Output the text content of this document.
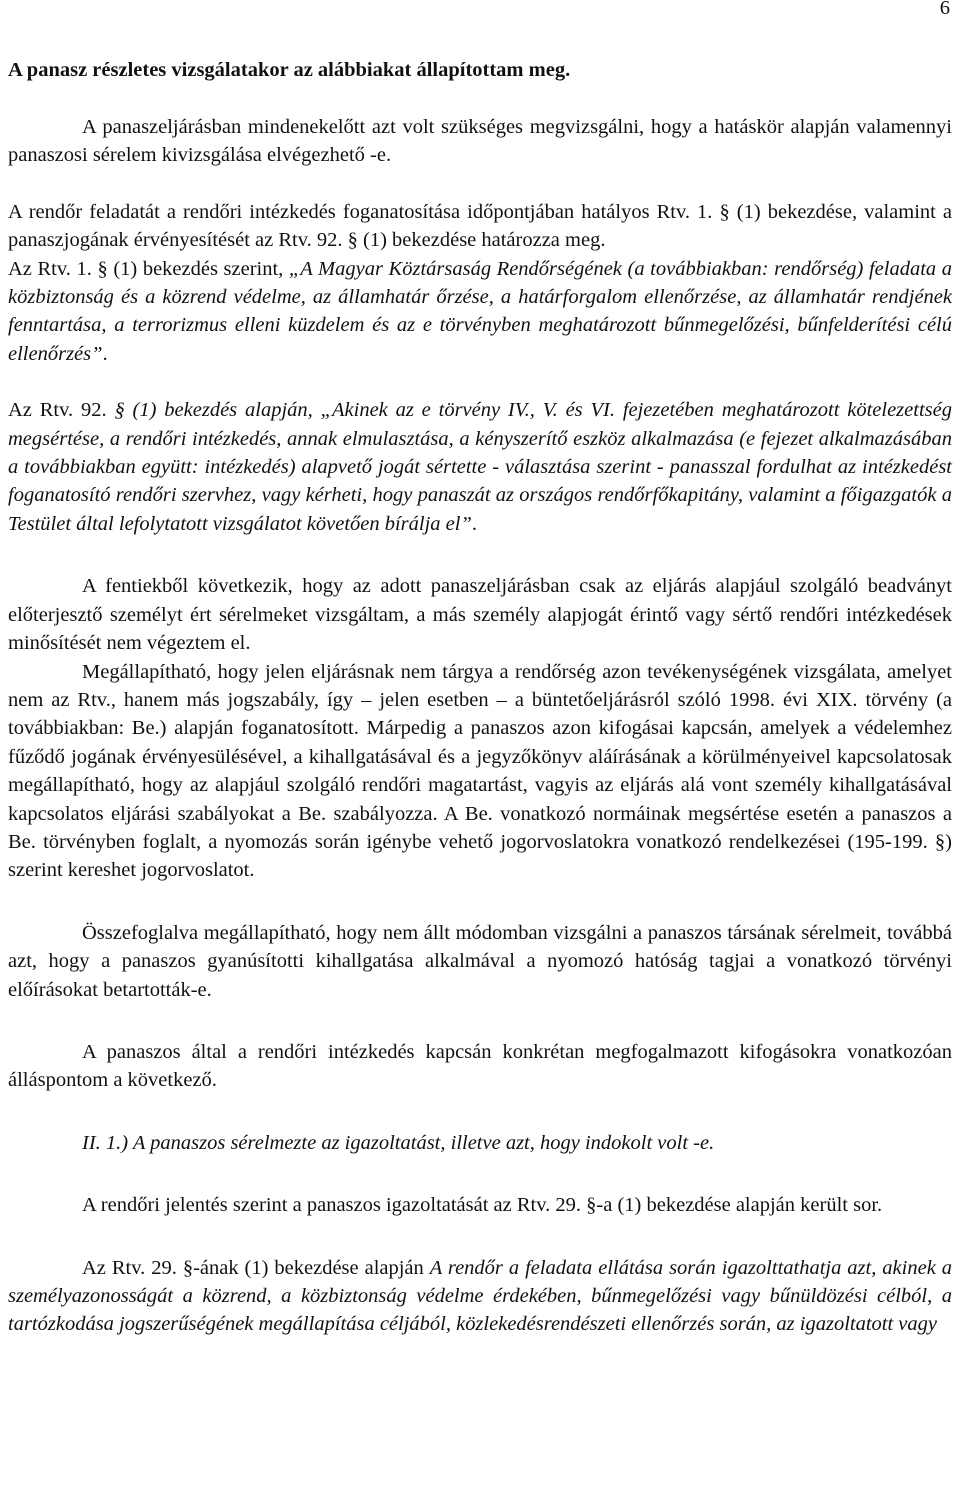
6
A panasz részletes vizsgálatakor az alábbiakat állapítottam meg.

A panaszeljárásban mindenekelőtt azt volt szükséges megvizsgálni, hogy a hatáskör alapján valamennyi panaszosi sérelem kivizsgálása elvégezhető -e.

A rendőr feladatát a rendőri intézkedés foganatosítása időpontjában hatályos Rtv. 1. § (1) bekezdése, valamint a panaszjogának érvényesítését az Rtv. 92. § (1) bekezdése határozza meg.

Az Rtv. 1. § (1) bekezdés szerint, „A Magyar Köztársaság Rendőrségének (a továbbiakban: rendőrség) feladata a közbiztonság és a közrend védelme, az államhatár őrzése, a határforgalom ellenőrzése, az államhatár rendjének fenntartása, a terrorizmus elleni küzdelem és az e törvényben meghatározott bűnmegelőzési, bűnfelderítési célú ellenőrzés”.

Az Rtv. 92. § (1) bekezdés alapján, „Akinek az e törvény IV., V. és VI. fejezetében meghatározott kötelezettség megsértése, a rendőri intézkedés, annak elmulasztása, a kényszerítő eszköz alkalmazása (e fejezet alkalmazásában a továbbiakban együtt: intézkedés) alapvető jogát sértette - választása szerint - panasszal fordulhat az intézkedést foganatosító rendőri szervhez, vagy kérheti, hogy panaszát az országos rendőrfőkapitány, valamint a főigazgatók a Testület által lefolytatott vizsgálatot követően bírálja el”.

A fentiekből következik, hogy az adott panaszeljárásban csak az eljárás alapjául szolgáló beadványt előterjesztő személyt ért sérelmeket vizsgáltam, a más személy alapjogát érintő vagy sértő rendőri intézkedések minősítését nem végeztem el.

Megállapítható, hogy jelen eljárásnak nem tárgya a rendőrség azon tevékenységének vizsgálata, amelyet nem az Rtv., hanem más jogszabály, így – jelen esetben – a büntetőeljárásról szóló 1998. évi XIX. törvény (a továbbiakban: Be.) alapján foganatosított. Márpedig a panaszos azon kifogásai kapcsán, amelyek a védelemhez fűződő jogának érvényesülésével, a kihallgatásával és a jegyzőkönyv aláírásának a körülményeivel kapcsolatosak megállapítható, hogy az alapjául szolgáló rendőri magatartást, vagyis az eljárás alá vont személy kihallgatásával kapcsolatos eljárási szabályokat a Be. szabályozza. A Be. vonatkozó normáinak megsértése esetén a panaszos a Be. törvényben foglalt, a nyomozás során igénybe vehető jogorvoslatokra vonatkozó rendelkezései (195-199. §) szerint kereshet jogorvoslatot.

Összefoglalva megállapítható, hogy nem állt módomban vizsgálni a panaszos társának sérelmeit, továbbá azt, hogy a panaszos gyanúsítotti kihallgatása alkalmával a nyomozó hatóság tagjai a vonatkozó törvényi előírásokat betartották-e.

A panaszos által a rendőri intézkedés kapcsán konkrétan megfogalmazott kifogásokra vonatkozóan álláspontom a következő.

II. 1.) A panaszos sérelmezte az igazoltatást, illetve azt, hogy indokolt volt -e.

A rendőri jelentés szerint a panaszos igazoltatását az Rtv. 29. §-a (1) bekezdése alapján került sor.

Az Rtv. 29. §-ának (1) bekezdése alapján A rendőr a feladata ellátása során igazolttathatja azt, akinek a személyazonosságát a közrend, a közbiztonság védelme érdekében, bűnmegelőzési vagy bűnüldözési célból, a tartózkodása jogszerűségének megállapítása céljából, közlekedésrendészeti ellenőrzés során, az igazoltatott vagy
